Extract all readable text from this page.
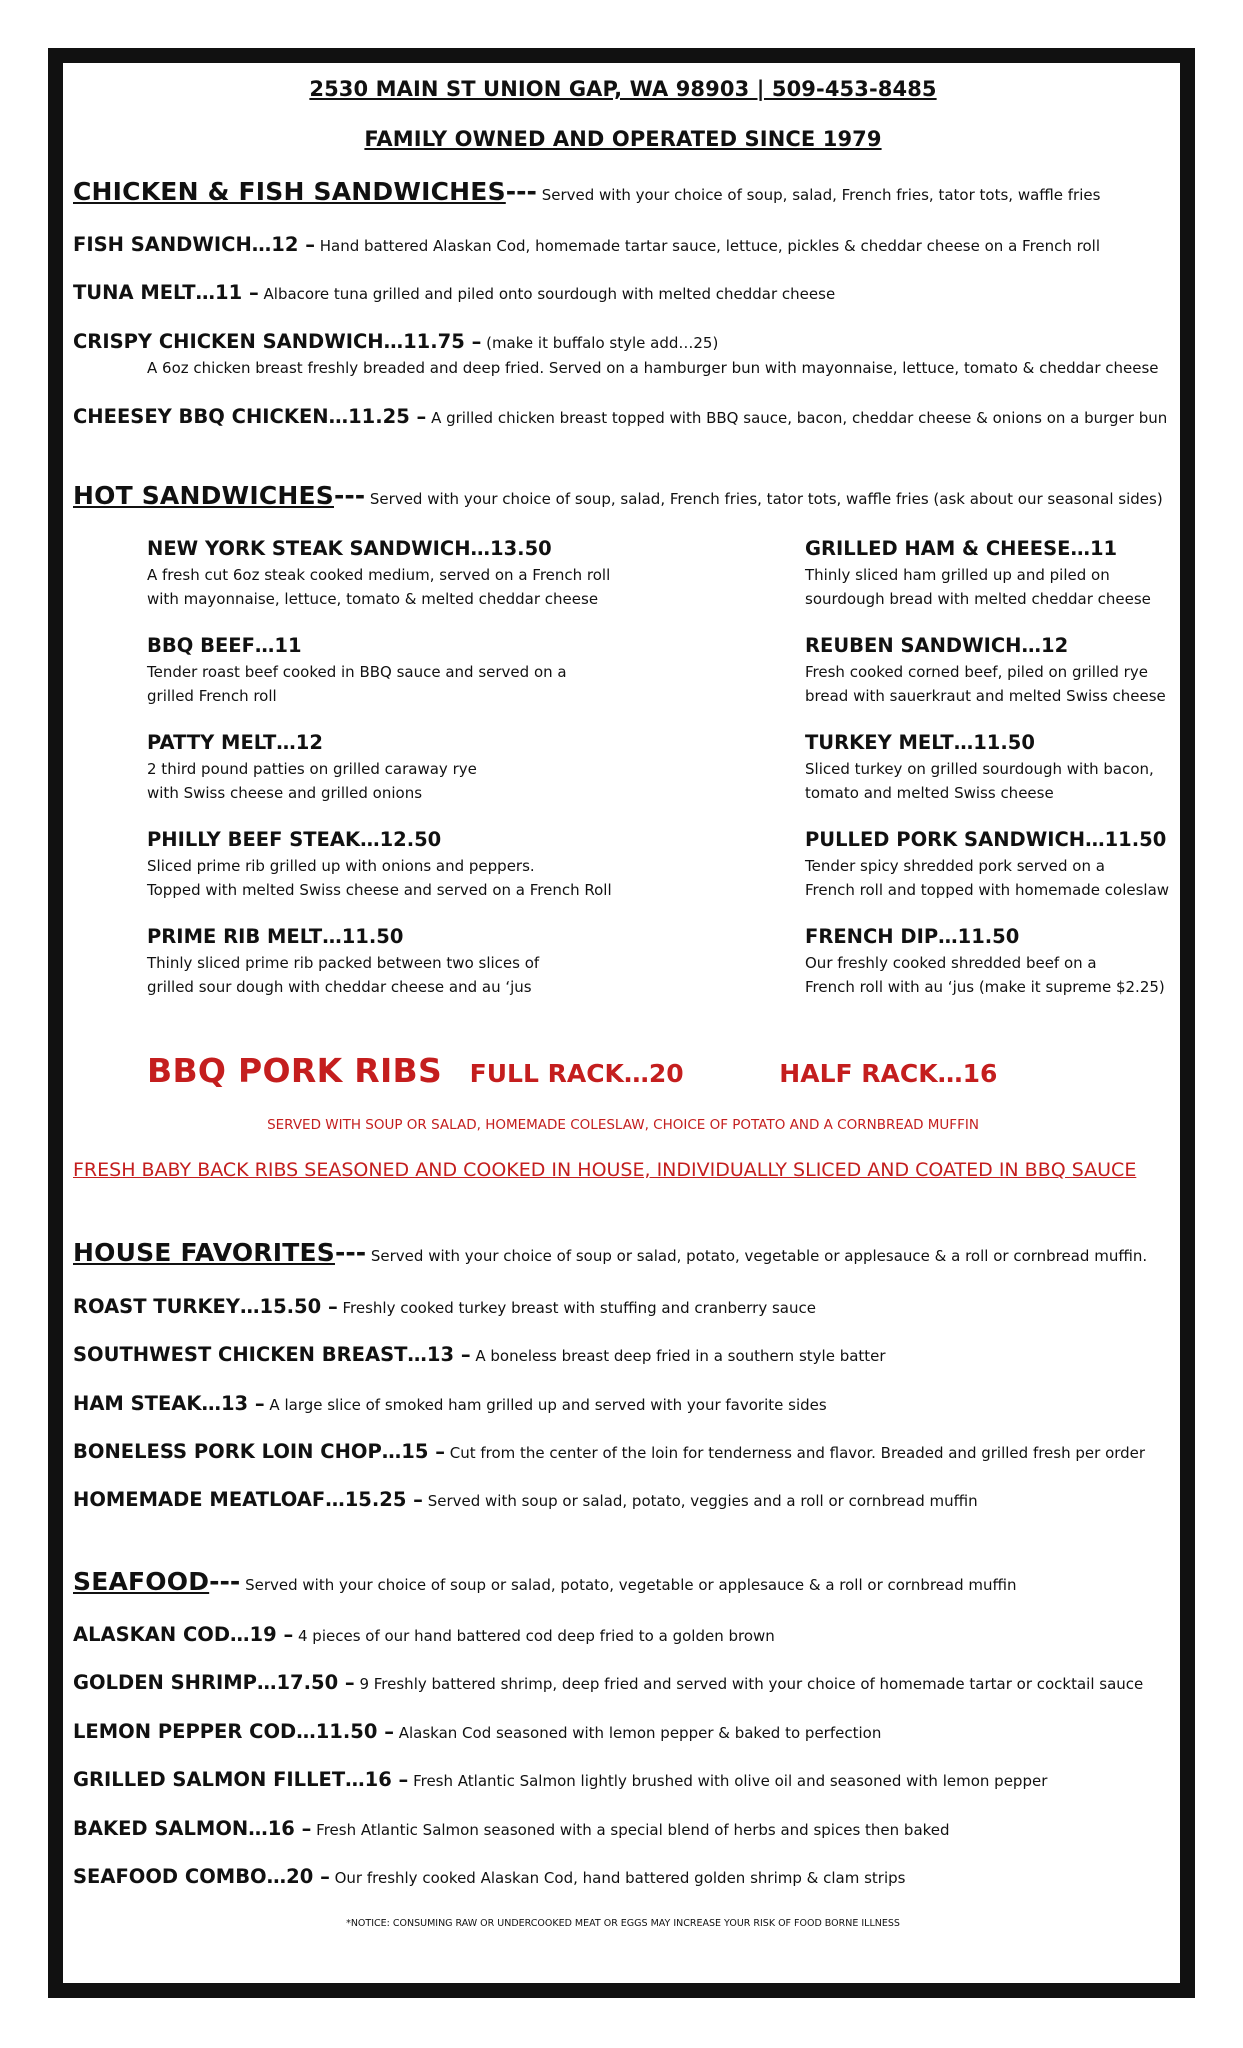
2530 MAIN ST UNION GAP, WA 98903 | 509-453-8485
FAMILY OWNED AND OPERATED SINCE 1979
CHICKEN & FISH SANDWICHES--- Served with your choice of soup, salad, French fries, tator tots, waffle fries
FISH SANDWICH…12 – Hand battered Alaskan Cod, homemade tartar sauce, lettuce, pickles & cheddar cheese on a French roll
TUNA MELT…11 – Albacore tuna grilled and piled onto sourdough with melted cheddar cheese
CRISPY CHICKEN SANDWICH…11.75 – (make it buffalo style add…25)
A 6oz chicken breast freshly breaded and deep fried. Served on a hamburger bun with mayonnaise, lettuce, tomato & cheddar cheese
CHEESEY BBQ CHICKEN…11.25 – A grilled chicken breast topped with BBQ sauce, bacon, cheddar cheese & onions on a burger bun
HOT SANDWICHES--- Served with your choice of soup, salad, French fries, tator tots, waffle fries (ask about our seasonal sides)
NEW YORK STEAK SANDWICH…13.50
A fresh cut 6oz steak cooked medium, served on a French roll
with mayonnaise, lettuce, tomato & melted cheddar cheese
BBQ BEEF…11
Tender roast beef cooked in BBQ sauce and served on a
grilled French roll
PATTY MELT…12
2 third pound patties on grilled caraway rye
with Swiss cheese and grilled onions
PHILLY BEEF STEAK…12.50
Sliced prime rib grilled up with onions and peppers.
Topped with melted Swiss cheese and served on a French Roll
PRIME RIB MELT…11.50
Thinly sliced prime rib packed between two slices of
grilled sour dough with cheddar cheese and au ‘jus
GRILLED HAM & CHEESE…11
Thinly sliced ham grilled up and piled on
sourdough bread with melted cheddar cheese
REUBEN SANDWICH…12
Fresh cooked corned beef, piled on grilled rye
bread with sauerkraut and melted Swiss cheese
TURKEY MELT…11.50
Sliced turkey on grilled sourdough with bacon,
tomato and melted Swiss cheese
PULLED PORK SANDWICH…11.50
Tender spicy shredded pork served on a
French roll and topped with homemade coleslaw
FRENCH DIP…11.50
Our freshly cooked shredded beef on a
French roll with au ‘jus (make it supreme $2.25)
BBQ PORK RIBS FULL RACK…20	HALF RACK…16
SERVED WITH SOUP OR SALAD, HOMEMADE COLESLAW, CHOICE OF POTATO AND A CORNBREAD MUFFIN
FRESH BABY BACK RIBS SEASONED AND COOKED IN HOUSE, INDIVIDUALLY SLICED AND COATED IN BBQ SAUCE
HOUSE FAVORITES--- Served with your choice of soup or salad, potato, vegetable or applesauce & a roll or cornbread muffin.
ROAST TURKEY…15.50 – Freshly cooked turkey breast with stuffing and cranberry sauce
SOUTHWEST CHICKEN BREAST…13 – A boneless breast deep fried in a southern style batter
HAM STEAK…13 – A large slice of smoked ham grilled up and served with your favorite sides
BONELESS PORK LOIN CHOP…15 – Cut from the center of the loin for tenderness and flavor. Breaded and grilled fresh per order
HOMEMADE MEATLOAF…15.25 – Served with soup or salad, potato, veggies and a roll or cornbread muffin
SEAFOOD--- Served with your choice of soup or salad, potato, vegetable or applesauce & a roll or cornbread muffin
ALASKAN COD…19 – 4 pieces of our hand battered cod deep fried to a golden brown
GOLDEN SHRIMP…17.50 – 9 Freshly battered shrimp, deep fried and served with your choice of homemade tartar or cocktail sauce
LEMON PEPPER COD…11.50 – Alaskan Cod seasoned with lemon pepper & baked to perfection
GRILLED SALMON FILLET…16 – Fresh Atlantic Salmon lightly brushed with olive oil and seasoned with lemon pepper
BAKED SALMON…16 – Fresh Atlantic Salmon seasoned with a special blend of herbs and spices then baked
SEAFOOD COMBO…20 – Our freshly cooked Alaskan Cod, hand battered golden shrimp & clam strips
*NOTICE: CONSUMING RAW OR UNDERCOOKED MEAT OR EGGS MAY INCREASE YOUR RISK OF FOOD BORNE ILLNESS
